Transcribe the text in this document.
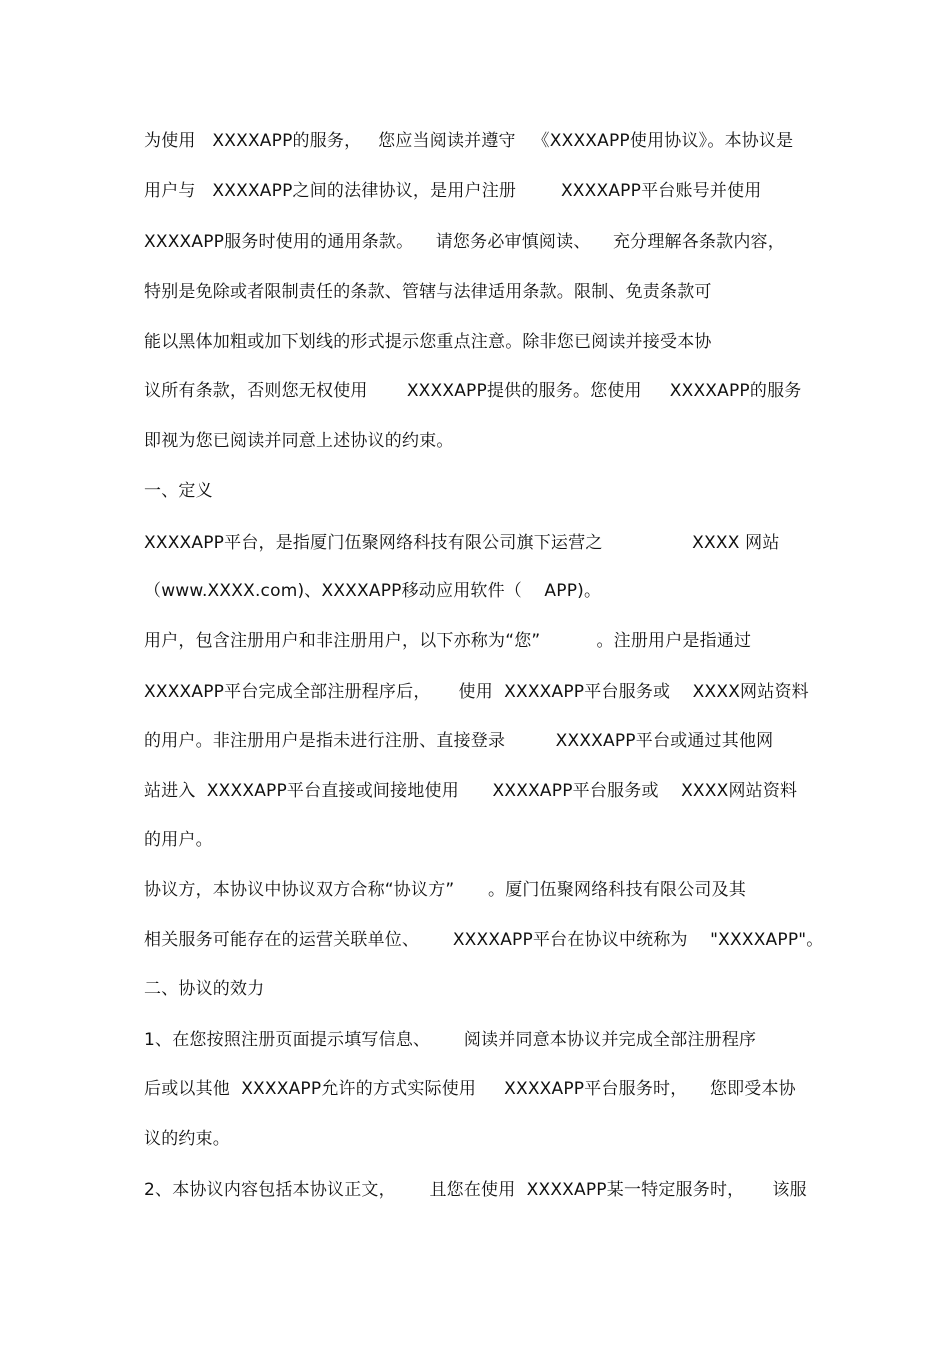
为使用   XXXXAPP的服务，   您应当阅读并遵守   《XXXXAPP使用协议》。本协议是
用户与   XXXXAPP之间的法律协议，是用户注册        XXXXAPP平台账号并使用
XXXXAPP服务时使用的通用条款。    请您务必审慎阅读、    充分理解各条款内容，
特别是免除或者限制责任的条款、管辖与法律适用条款。限制、免责条款可
能以黑体加粗或加下划线的形式提示您重点注意。除非您已阅读并接受本协
议所有条款，否则您无权使用       XXXXAPP提供的服务。您使用     XXXXAPP的服务
即视为您已阅读并同意上述协议的约束。
一、定义
XXXXAPP平台，是指厦门伍聚网络科技有限公司旗下运营之                XXXX 网站
（www.XXXX.com)、XXXXAPP移动应用软件（    APP)。
用户，包含注册用户和非注册用户，以下亦称为“您”          。注册用户是指通过
XXXXAPP平台完成全部注册程序后，     使用  XXXXAPP平台服务或    XXXX网站资料
的用户。非注册用户是指未进行注册、直接登录         XXXXAPP平台或通过其他网
站进入  XXXXAPP平台直接或间接地使用      XXXXAPP平台服务或    XXXX网站资料
的用户。
协议方，本协议中协议双方合称“协议方”      。厦门伍聚网络科技有限公司及其
相关服务可能存在的运营关联单位、      XXXXAPP平台在协议中统称为    "XXXXAPP"。
二、协议的效力
1、在您按照注册页面提示填写信息、      阅读并同意本协议并完成全部注册程序
后或以其他  XXXXAPP允许的方式实际使用     XXXXAPP平台服务时，    您即受本协
议的约束。
2、本协议内容包括本协议正文，      且您在使用  XXXXAPP某一特定服务时，     该服
